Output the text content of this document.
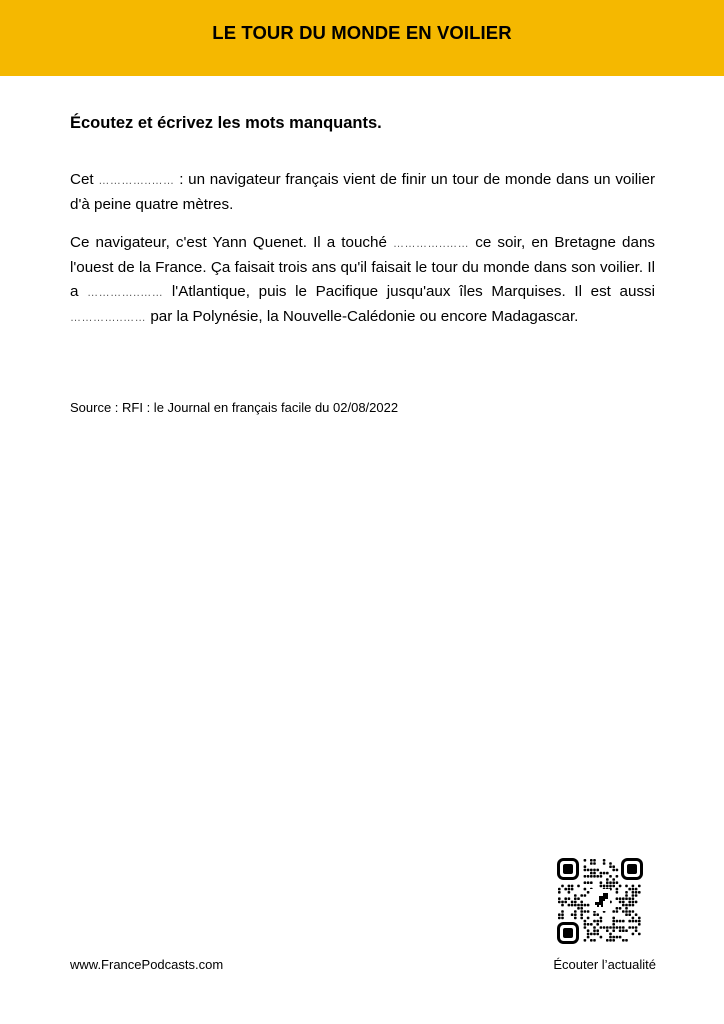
LE TOUR DU MONDE EN VOILIER

Écoutez et écrivez les mots manquants.

Cet …………..…… : un navigateur français vient de finir un tour de monde dans un voilier d'à peine quatre mètres.

Ce navigateur, c'est Yann Quenet. Il a touché …………..…… ce soir, en Bretagne dans l'ouest de la France. Ça faisait trois ans qu'il faisait le tour du monde dans son voilier. Il a …………..…… l'Atlantique, puis le Pacifique jusqu'aux îles Marquises. Il est aussi …………..…… par la Polynésie, la Nouvelle-Calédonie ou encore Madagascar.

Source : RFI : le Journal en français facile du 02/08/2022

www.FrancePodcasts.com	Écouter l’actualité
